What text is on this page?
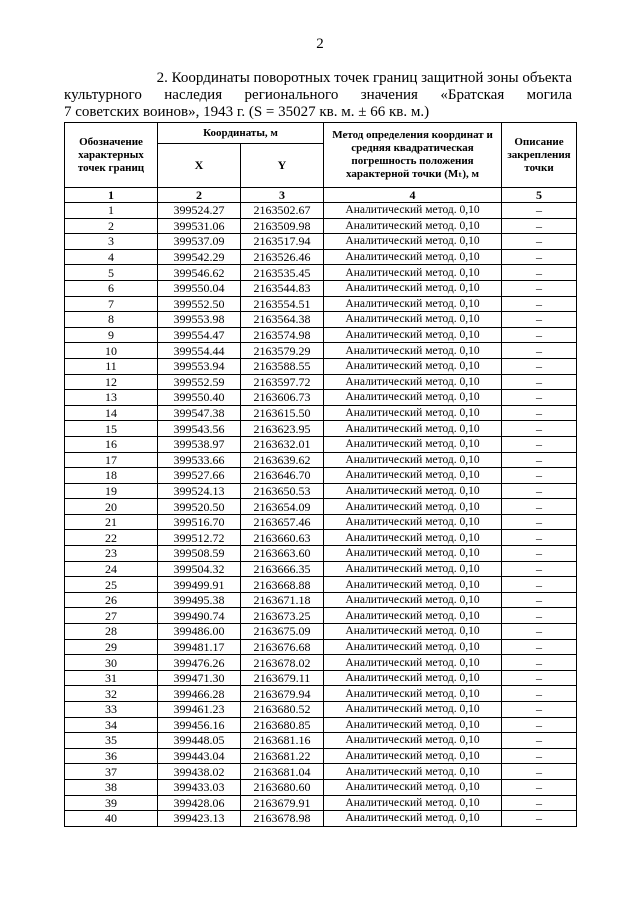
2
2. Координаты поворотных точек границ защитной зоны объекта
культурного наследия регионального значения «Братская могила
7 советских воинов», 1943 г. (S = 35027 кв. м. ± 66 кв. м.)
Обозначение характерных точек границ	Координаты, м		Метод определения координат и средняя квадратическая погрешность положения характерной точки (Mₜ), м	Описание закрепления точки
	X	Y		
1	2	3	4	5
1	399524.27	2163502.67	Аналитический метод. 0,10	–
2	399531.06	2163509.98	Аналитический метод. 0,10	–
3	399537.09	2163517.94	Аналитический метод. 0,10	–
4	399542.29	2163526.46	Аналитический метод. 0,10	–
5	399546.62	2163535.45	Аналитический метод. 0,10	–
6	399550.04	2163544.83	Аналитический метод. 0,10	–
7	399552.50	2163554.51	Аналитический метод. 0,10	–
8	399553.98	2163564.38	Аналитический метод. 0,10	–
9	399554.47	2163574.98	Аналитический метод. 0,10	–
10	399554.44	2163579.29	Аналитический метод. 0,10	–
11	399553.94	2163588.55	Аналитический метод. 0,10	–
12	399552.59	2163597.72	Аналитический метод. 0,10	–
13	399550.40	2163606.73	Аналитический метод. 0,10	–
14	399547.38	2163615.50	Аналитический метод. 0,10	–
15	399543.56	2163623.95	Аналитический метод. 0,10	–
16	399538.97	2163632.01	Аналитический метод. 0,10	–
17	399533.66	2163639.62	Аналитический метод. 0,10	–
18	399527.66	2163646.70	Аналитический метод. 0,10	–
19	399524.13	2163650.53	Аналитический метод. 0,10	–
20	399520.50	2163654.09	Аналитический метод. 0,10	–
21	399516.70	2163657.46	Аналитический метод. 0,10	–
22	399512.72	2163660.63	Аналитический метод. 0,10	–
23	399508.59	2163663.60	Аналитический метод. 0,10	–
24	399504.32	2163666.35	Аналитический метод. 0,10	–
25	399499.91	2163668.88	Аналитический метод. 0,10	–
26	399495.38	2163671.18	Аналитический метод. 0,10	–
27	399490.74	2163673.25	Аналитический метод. 0,10	–
28	399486.00	2163675.09	Аналитический метод. 0,10	–
29	399481.17	2163676.68	Аналитический метод. 0,10	–
30	399476.26	2163678.02	Аналитический метод. 0,10	–
31	399471.30	2163679.11	Аналитический метод. 0,10	–
32	399466.28	2163679.94	Аналитический метод. 0,10	–
33	399461.23	2163680.52	Аналитический метод. 0,10	–
34	399456.16	2163680.85	Аналитический метод. 0,10	–
35	399448.05	2163681.16	Аналитический метод. 0,10	–
36	399443.04	2163681.22	Аналитический метод. 0,10	–
37	399438.02	2163681.04	Аналитический метод. 0,10	–
38	399433.03	2163680.60	Аналитический метод. 0,10	–
39	399428.06	2163679.91	Аналитический метод. 0,10	–
40	399423.13	2163678.98	Аналитический метод. 0,10	–
